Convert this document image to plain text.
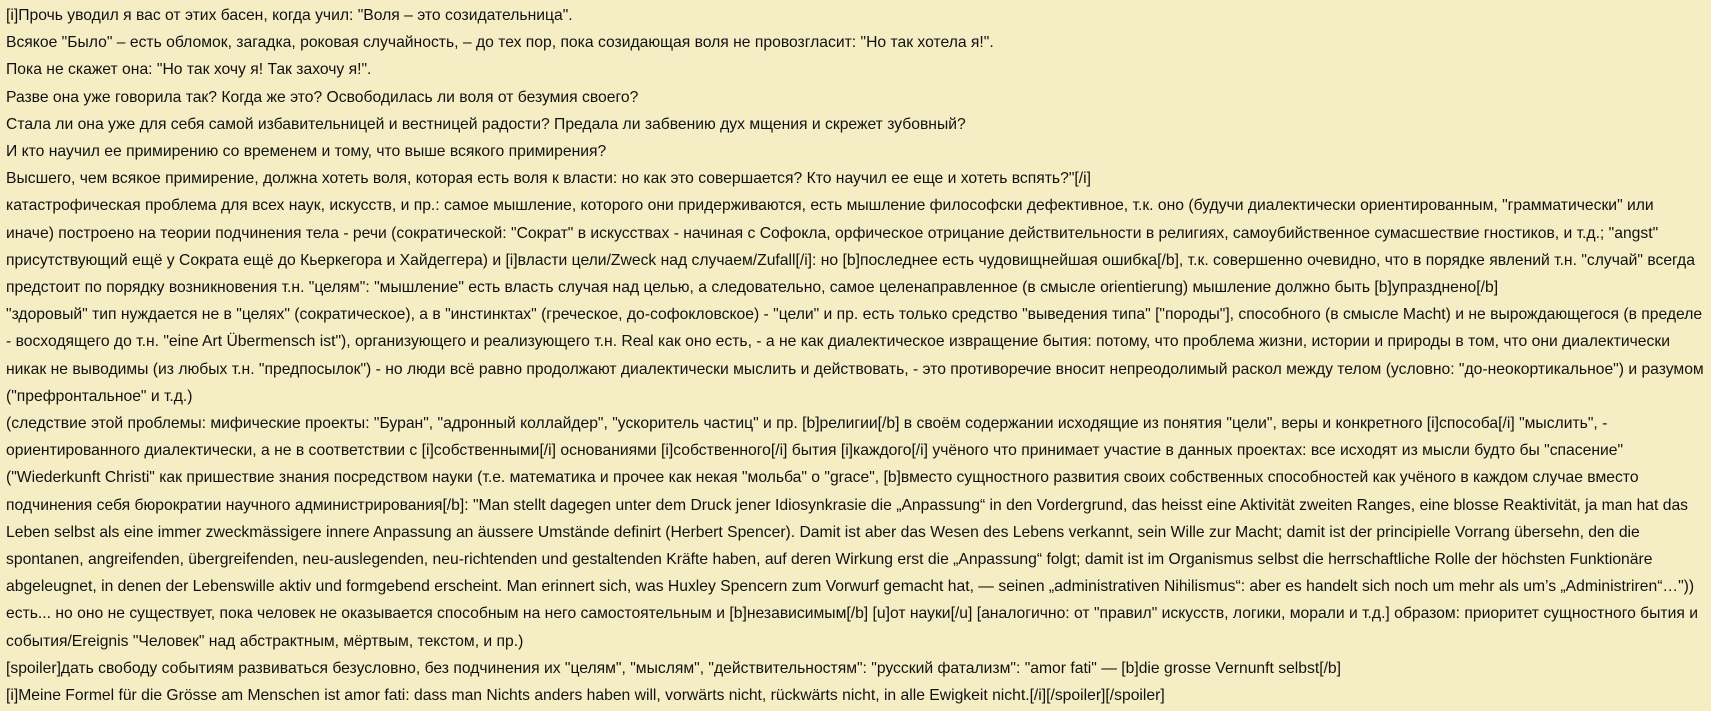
[i]Прочь уводил я вас от этих басен, когда учил: "Воля – это созидательница".

Всякое "Было" – есть обломок, загадка, роковая случайность, – до тех пор, пока созидающая воля не провозгласит: "Но так хотела я!".

Пока не скажет она: "Но так хочу я! Так захочу я!".

Разве она уже говорила так? Когда же это? Освободилась ли воля от безумия своего?

Стала ли она уже для себя самой избавительницей и вестницей радости? Предала ли забвению дух мщения и скрежет зубовный?

И кто научил ее примирению со временем и тому, что выше всякого примирения?

Высшего, чем всякое примирение, должна хотеть воля, которая есть воля к власти: но как это совершается? Кто научил ее еще и хотеть вспять?"[/i]

катастрофическая проблема для всех наук, искусств, и пр.: самое мышление, которого они придерживаются, есть мышление философски дефективное, т.к. оно (будучи диалектически ориентированным, "грамматически" или иначе) построено на теории подчинения тела - речи (сократической: "Сократ" в искусствах - начиная с Софокла, орфическое отрицание действительности в религиях, самоубийственное сумасшествие гностиков, и т.д.; "angst" присутствующий ещё у Сократа ещё до Кьеркегора и Хайдеггера) и [i]власти цели/Zweck над случаем/Zufall[/i]: но [b]последнее есть чудовищнейшая ошибка[/b], т.к. совершенно очевидно, что в порядке явлений т.н. "случай" всегда предстоит по порядку возникновения т.н. "целям": "мышление" есть власть случая над целью, а следовательно, самое целенаправленное (в смысле orientierung) мышление должно быть [b]упразднено[/b]

"здоровый" тип нуждается не в "целях" (сократическое), а в "инстинктах" (греческое, до-софокловское) - "цели" и пр. есть только средство "выведения типа" ["породы"], способного (в смысле Macht) и не вырождающегося (в пределе - восходящего до т.н. "eine Art Übermensch ist"), организующего и реализующего т.н. Real как оно есть, - а не как диалектическое извращение бытия: потому, что проблема жизни, истории и природы в том, что они диалектически никак не выводимы (из любых т.н. "предпосылок") - но люди всё равно продолжают диалектически мыслить и действовать, - это противоречие вносит непреодолимый раскол между телом (условно: "до-неокортикальное") и разумом ("префронтальное" и т.д.)

(следствие этой проблемы: мифические проекты: "Буран", "адронный коллайдер", "ускоритель частиц" и пр. [b]религии[/b] в своём содержании исходящие из понятия "цели", веры и конкретного [i]способа[/i] "мыслить", - ориентированного диалектически, а не в соответствии с [i]собственными[/i] основаниями [i]собственного[/i] бытия [i]каждого[/i] учёного что принимает участие в данных проектах: все исходят из мысли будто бы "спасение" ("Wiederkunft Christi" как пришествие знания посредством науки (т.е. математика и прочее как некая "мольба" о "grace", [b]вместо сущностного развития своих собственных способностей как учёного в каждом случае вместо подчинения себя бюрократии научного администрирования[/b]: "Man stellt dagegen unter dem Druck jener Idiosynkrasie die „Anpassung“ in den Vordergrund, das heisst eine Aktivität zweiten Ranges, eine blosse Reaktivität, ja man hat das Leben selbst als eine immer zweckmässigere innere Anpassung an äussere Umstände definirt (Herbert Spencer). Damit ist aber das Wesen des Lebens verkannt, sein Wille zur Macht; damit ist der principielle Vorrang übersehn, den die spontanen, angreifenden, übergreifenden, neu-auslegenden, neu-richtenden und gestaltenden Kräfte haben, auf deren Wirkung erst die „Anpassung“ folgt; damit ist im Organismus selbst die herrschaftliche Rolle der höchsten Funktionäre abgeleugnet, in denen der Lebenswille aktiv und formgebend erscheint. Man erinnert sich, was Huxley Spencern zum Vorwurf gemacht hat, — seinen „administrativen Nihilismus“: aber es handelt sich noch um mehr als um’s „Administriren“…")) есть... но оно не существует, пока человек не оказывается способным на него самостоятельным и [b]независимым[/b] [u]от науки[/u] [аналогично: от "правил" искусств, логики, морали и т.д.] образом: приоритет сущностного бытия и события/Ereignis "Человек" над абстрактным, мёртвым, текстом, и пр.)

[spoiler]дать свободу событиям развиваться безусловно, без подчинения их "целям", "мыслям", "действительностям": "русский фатализм": "amor fati" — [b]die grosse Vernunft selbst[/b]

[i]Meine Formel für die Grösse am Menschen ist amor fati: dass man Nichts anders haben will, vorwärts nicht, rückwärts nicht, in alle Ewigkeit nicht.[/i][/spoiler][/spoiler]
